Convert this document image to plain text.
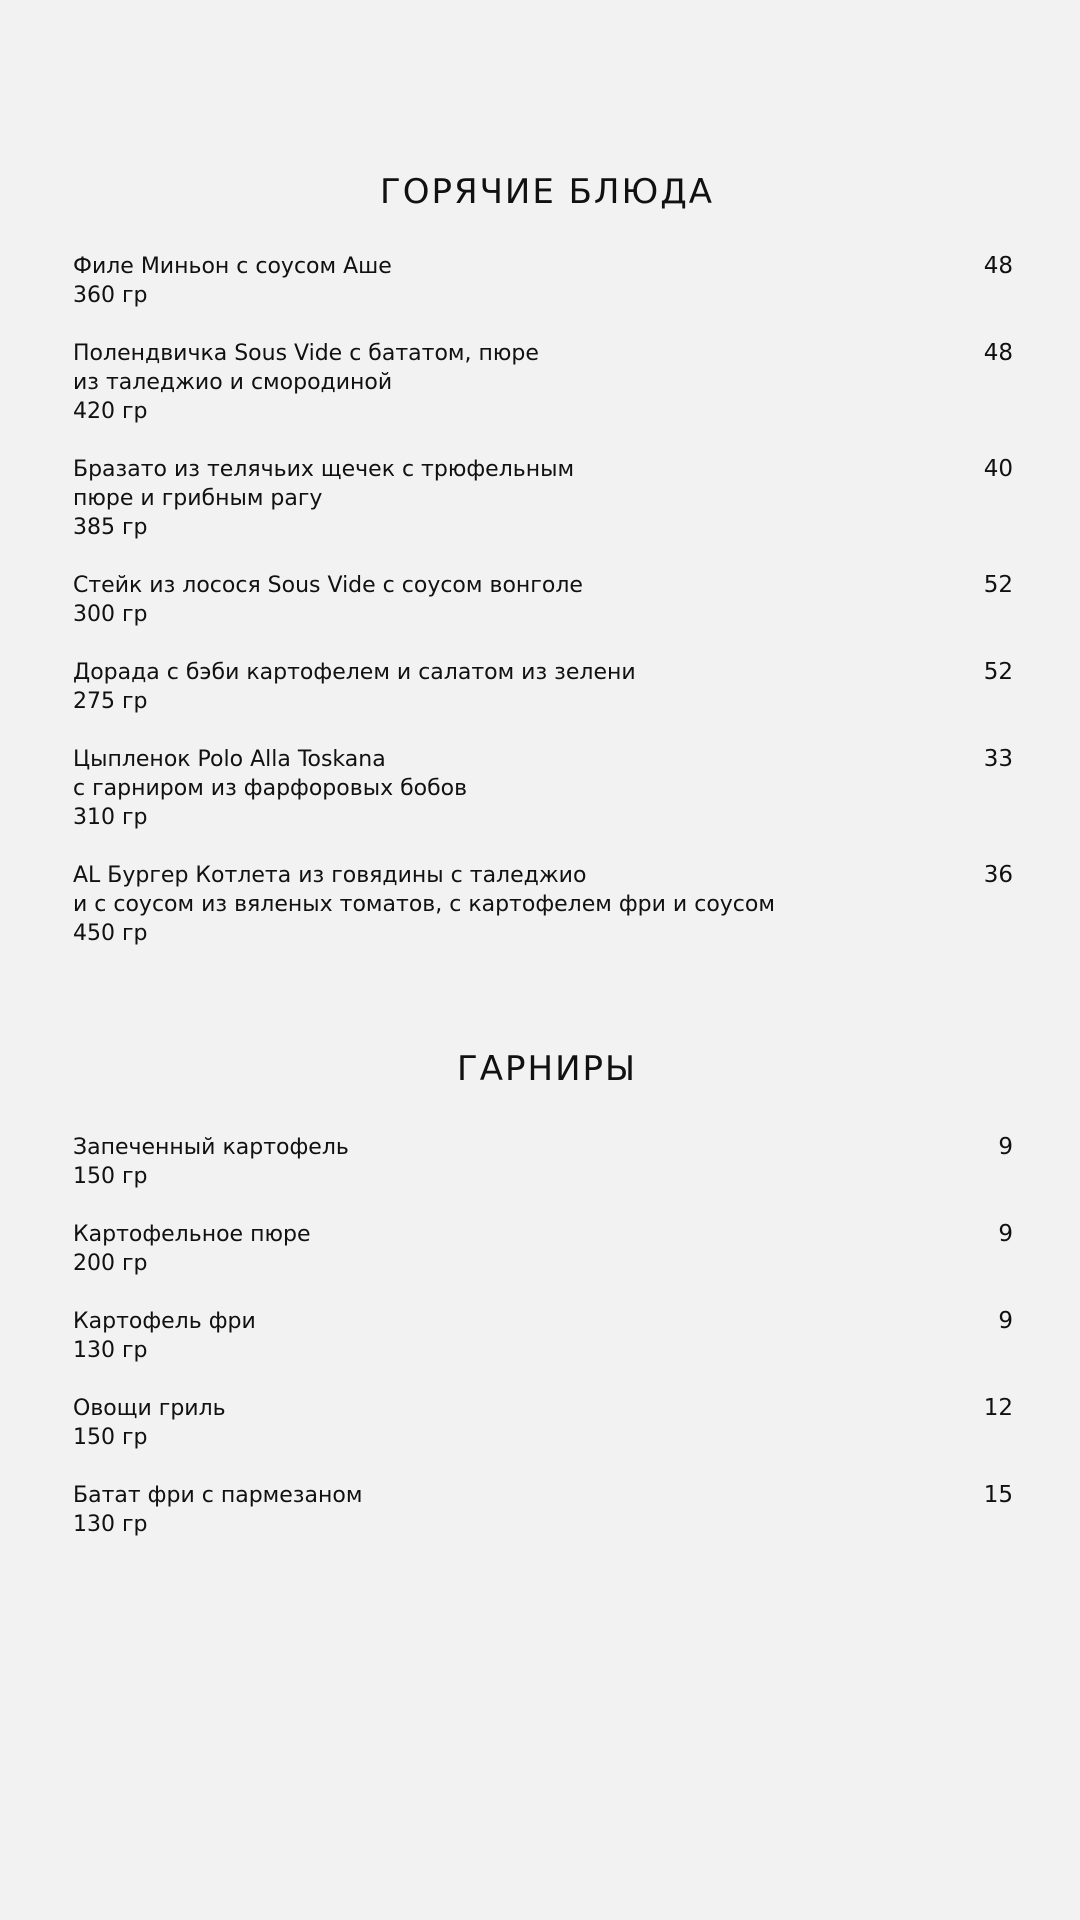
ГОРЯЧИЕ БЛЮДА
Филе Миньон с соусом Аше
360 гр
48
Полендвичка Sous Vide с бататом, пюре
из таледжио и смородиной
420 гр
48
Бразато из телячьих щечек с трюфельным
пюре и грибным рагу
385 гр
40
Стейк из лосося Sous Vide с соусом вонголе
300 гр
52
Дорада с бэби картофелем и салатом из зелени
275 гр
52
Цыпленок Polo Alla Toskana
с гарниром из фарфоровых бобов
310 гр
33
AL Бургер Котлета из говядины с таледжио
и с соусом из вяленых томатов, с картофелем фри и соусом
450 гр
36
ГАРНИРЫ
Запеченный картофель
150 гр
9
Картофельное пюре
200 гр
9
Картофель фри
130 гр
9
Овощи гриль
150 гр
12
Батат фри с пармезаном
130 гр
15
